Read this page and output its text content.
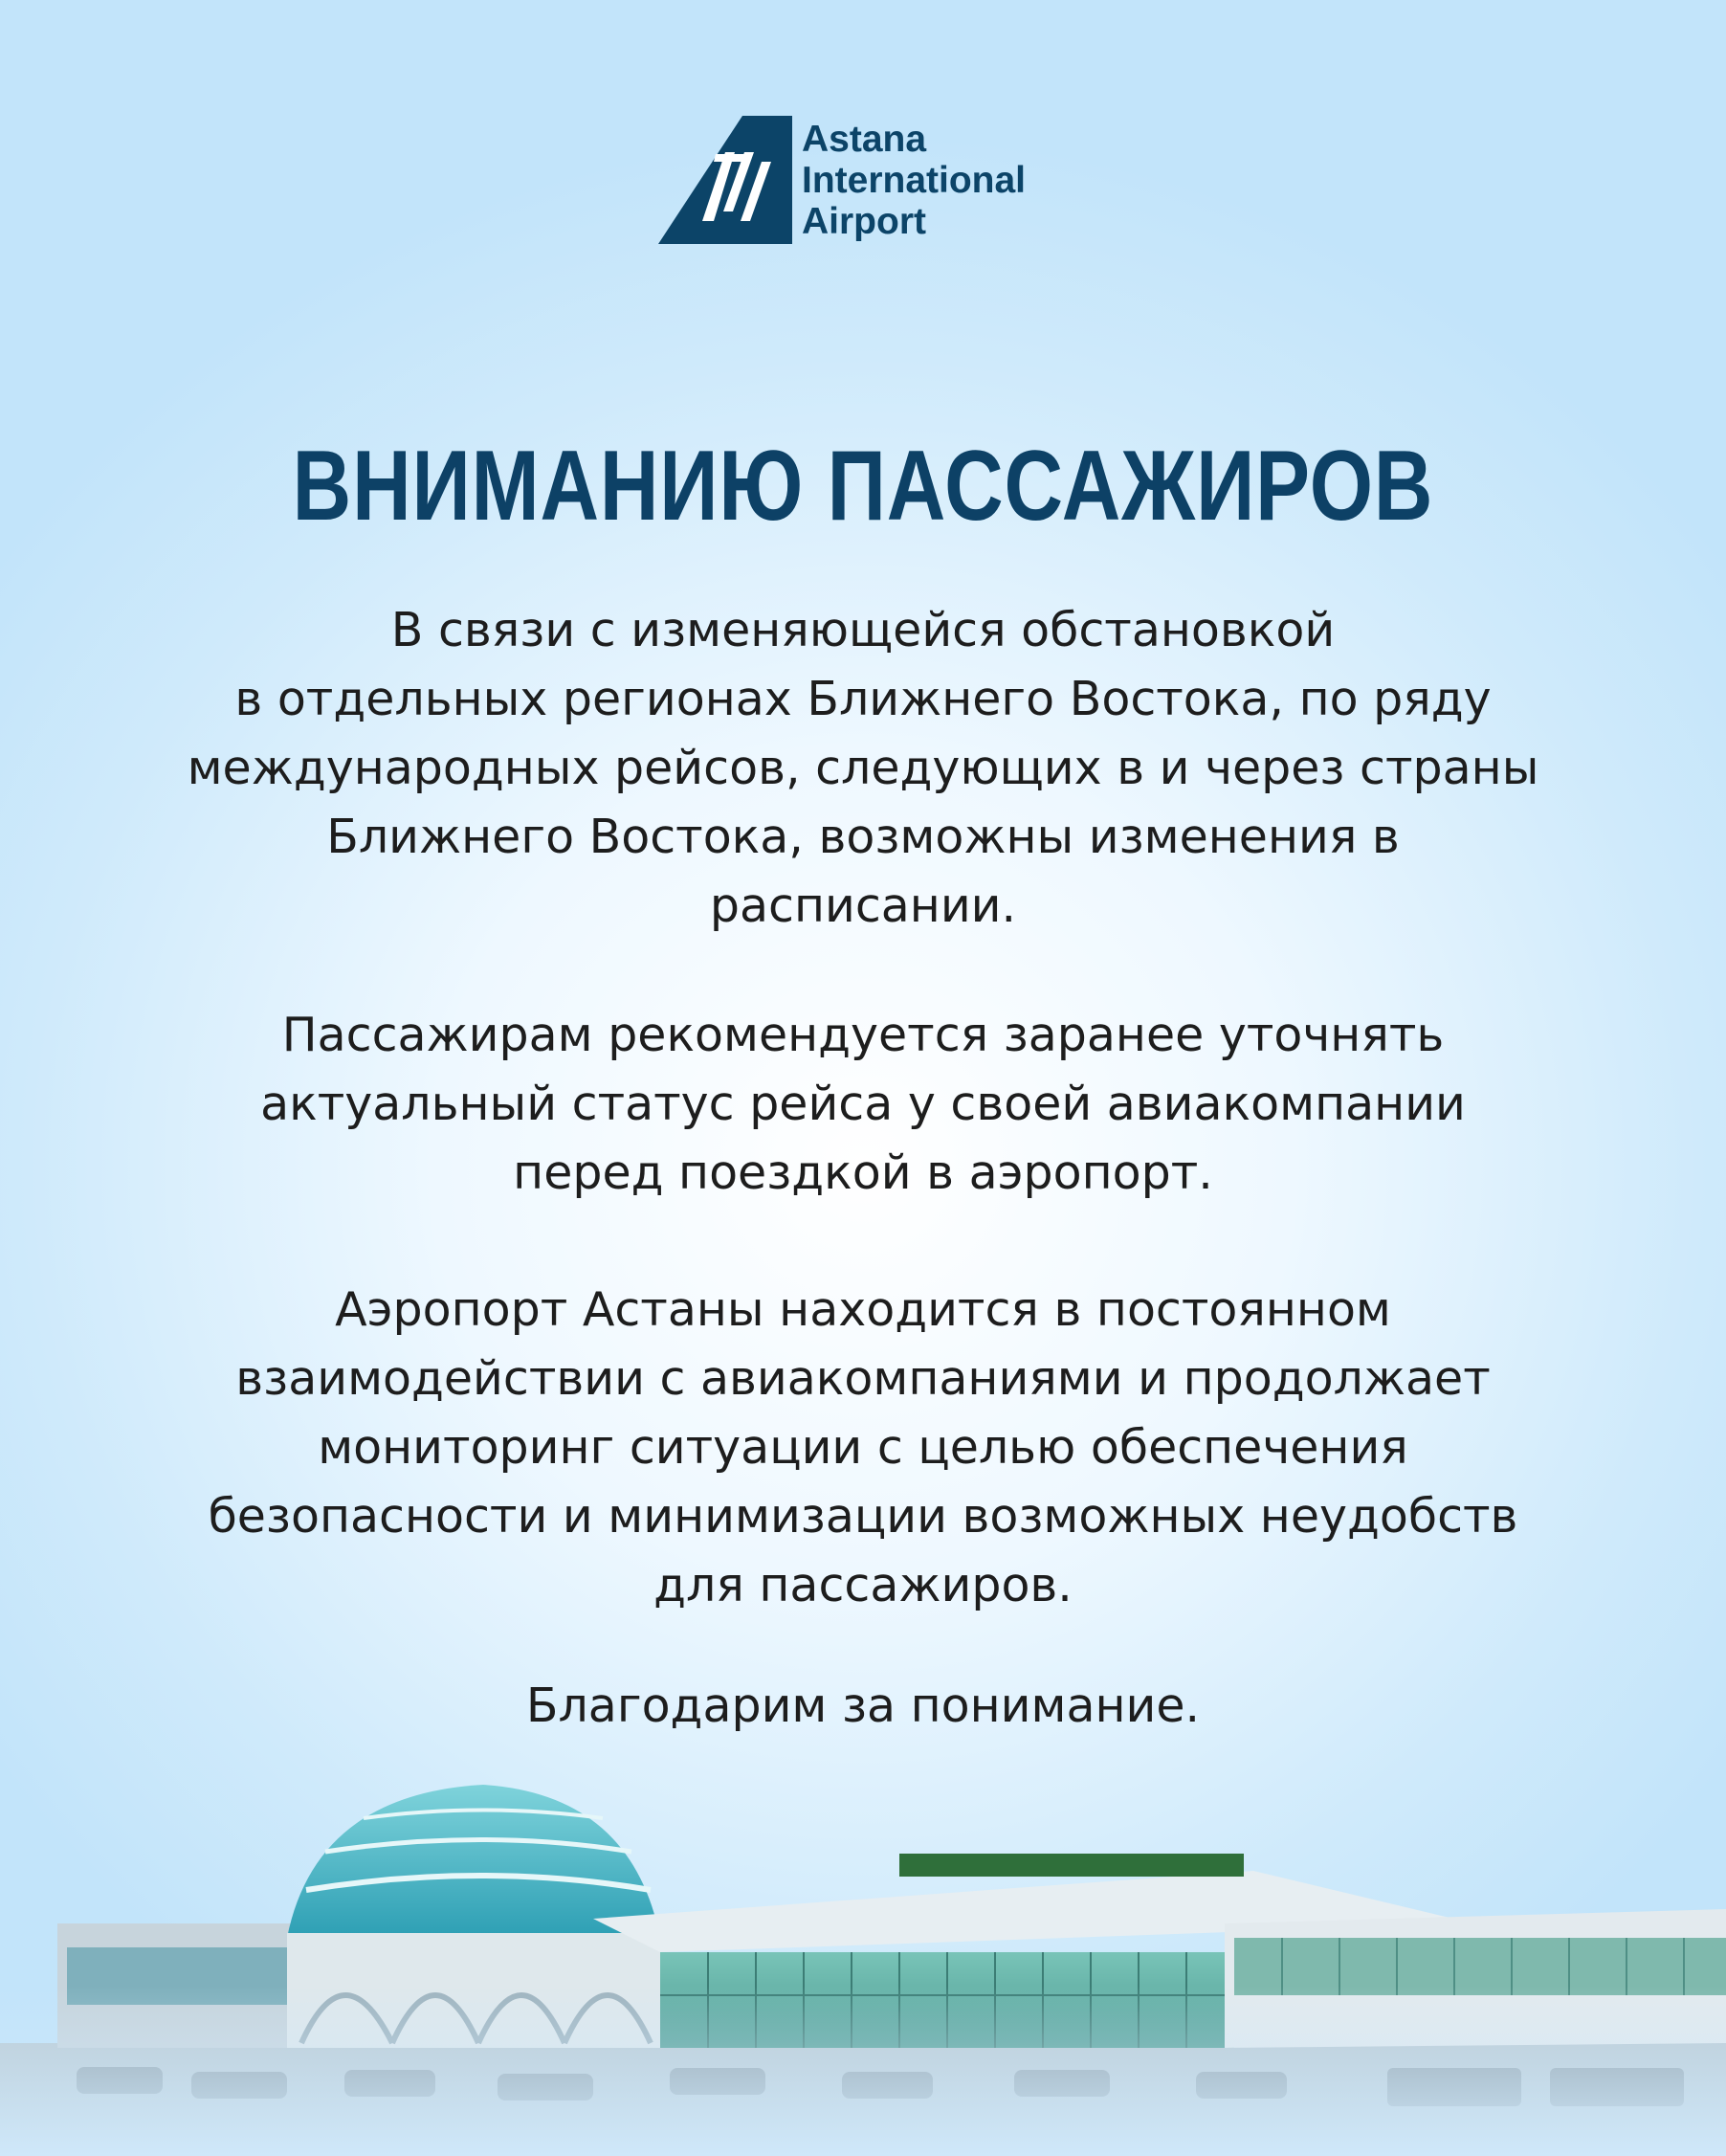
Astana
International
Airport
ВНИМАНИЮ ПАССАЖИРОВ
В связи с изменяющейся обстановкой
в отдельных регионах Ближнего Востока, по ряду
международных рейсов, следующих в и через страны
Ближнего Востока, возможны изменения в
расписании.
Пассажирам рекомендуется заранее уточнять
актуальный статус рейса у своей авиакомпании
перед поездкой в аэропорт.
Аэропорт Астаны находится в постоянном
взаимодействии с авиакомпаниями и продолжает
мониторинг ситуации с целью обеспечения
безопасности и минимизации возможных неудобств
для пассажиров.
Благодарим за понимание.
